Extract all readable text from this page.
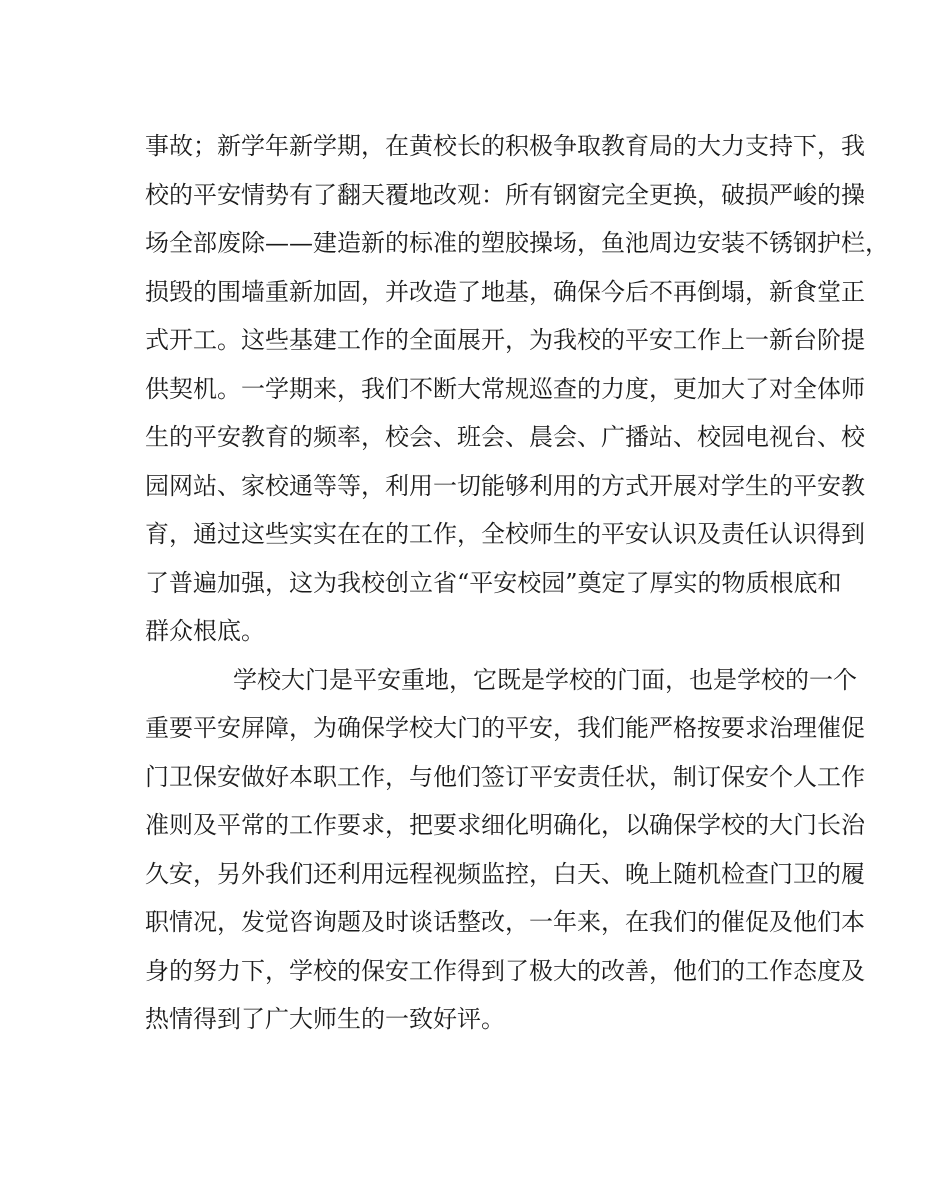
事故；新学年新学期，在黄校长的积极争取教育局的大力支持下，我
校的平安情势有了翻天覆地改观：所有钢窗完全更换，破损严峻的操
场全部废除——建造新的标准的塑胶操场，鱼池周边安装不锈钢护栏，
损毁的围墙重新加固，并改造了地基，确保今后不再倒塌，新食堂正
式开工。这些基建工作的全面展开，为我校的平安工作上一新台阶提
供契机。一学期来，我们不断大常规巡查的力度，更加大了对全体师
生的平安教育的频率，校会、班会、晨会、广播站、校园电视台、校
园网站、家校通等等，利用一切能够利用的方式开展对学生的平安教
育，通过这些实实在在的工作，全校师生的平安认识及责任认识得到
了普遍加强，这为我校创立省“平安校园”奠定了厚实的物质根底和
群众根底。
学校大门是平安重地，它既是学校的门面，也是学校的一个
重要平安屏障，为确保学校大门的平安，我们能严格按要求治理催促
门卫保安做好本职工作，与他们签订平安责任状，制订保安个人工作
准则及平常的工作要求，把要求细化明确化，以确保学校的大门长治
久安，另外我们还利用远程视频监控，白天、晚上随机检查门卫的履
职情况，发觉咨询题及时谈话整改，一年来，在我们的催促及他们本
身的努力下，学校的保安工作得到了极大的改善，他们的工作态度及
热情得到了广大师生的一致好评。
